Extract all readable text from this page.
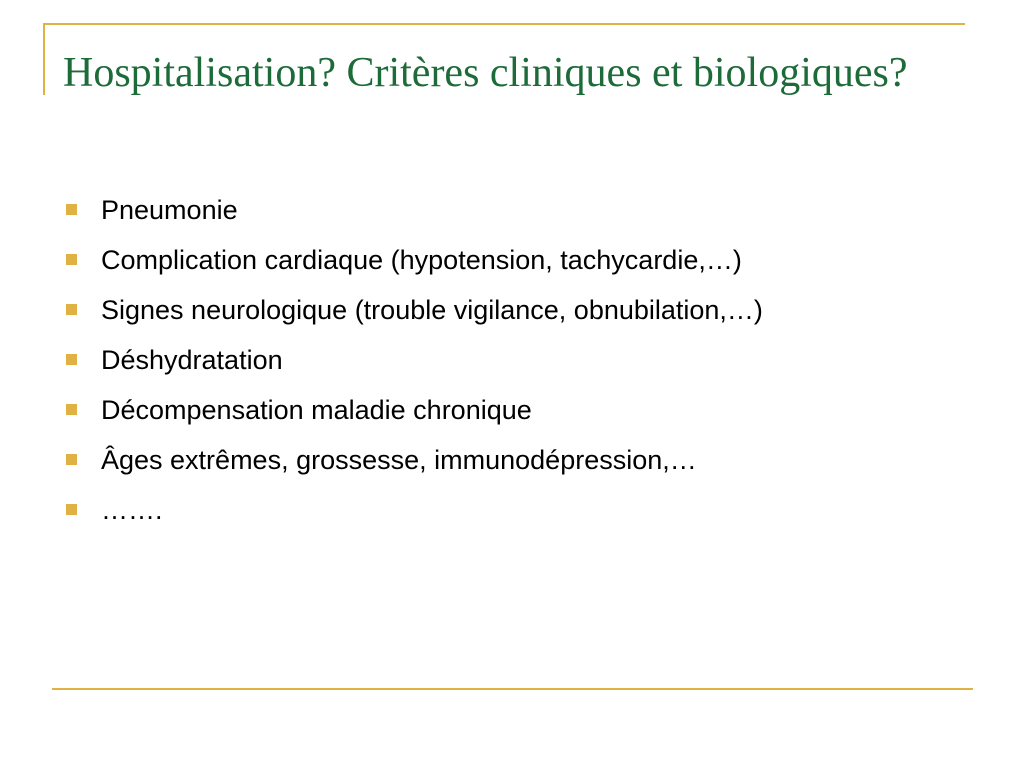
Hospitalisation? Critères cliniques et biologiques?
Pneumonie
Complication cardiaque (hypotension, tachycardie,…)
Signes neurologique (trouble vigilance, obnubilation,…)
Déshydratation
Décompensation maladie chronique
Âges extrêmes, grossesse, immunodépression,…
…….
